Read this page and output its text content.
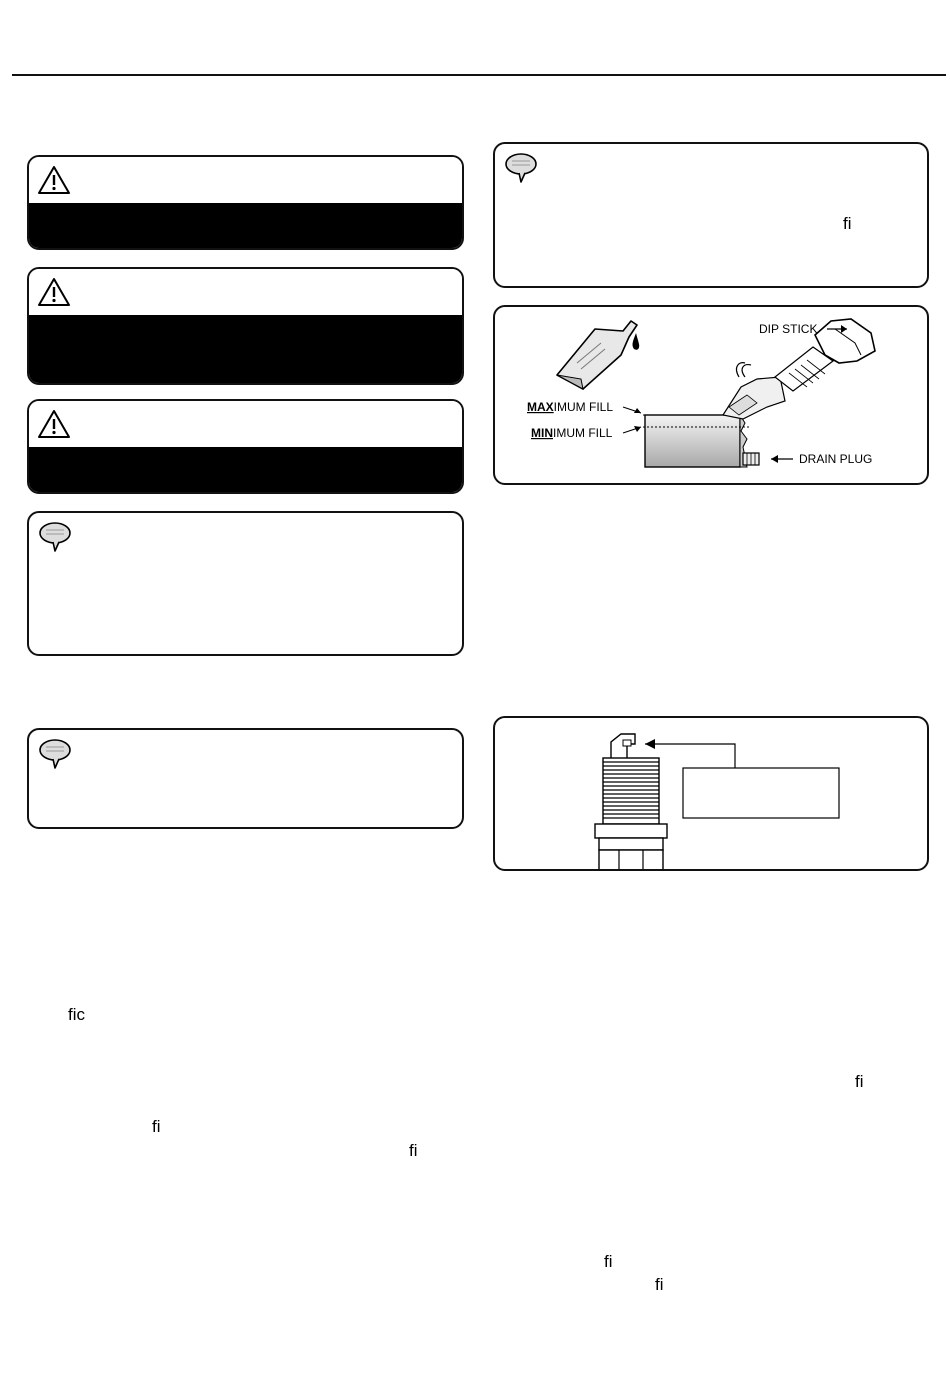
ﬁ
DIP STICK
MAXIMUM FILL
MINIMUM FILL
DRAIN PLUG
ﬁc
ﬁ
ﬁ
ﬁ
ﬁ
ﬁ
